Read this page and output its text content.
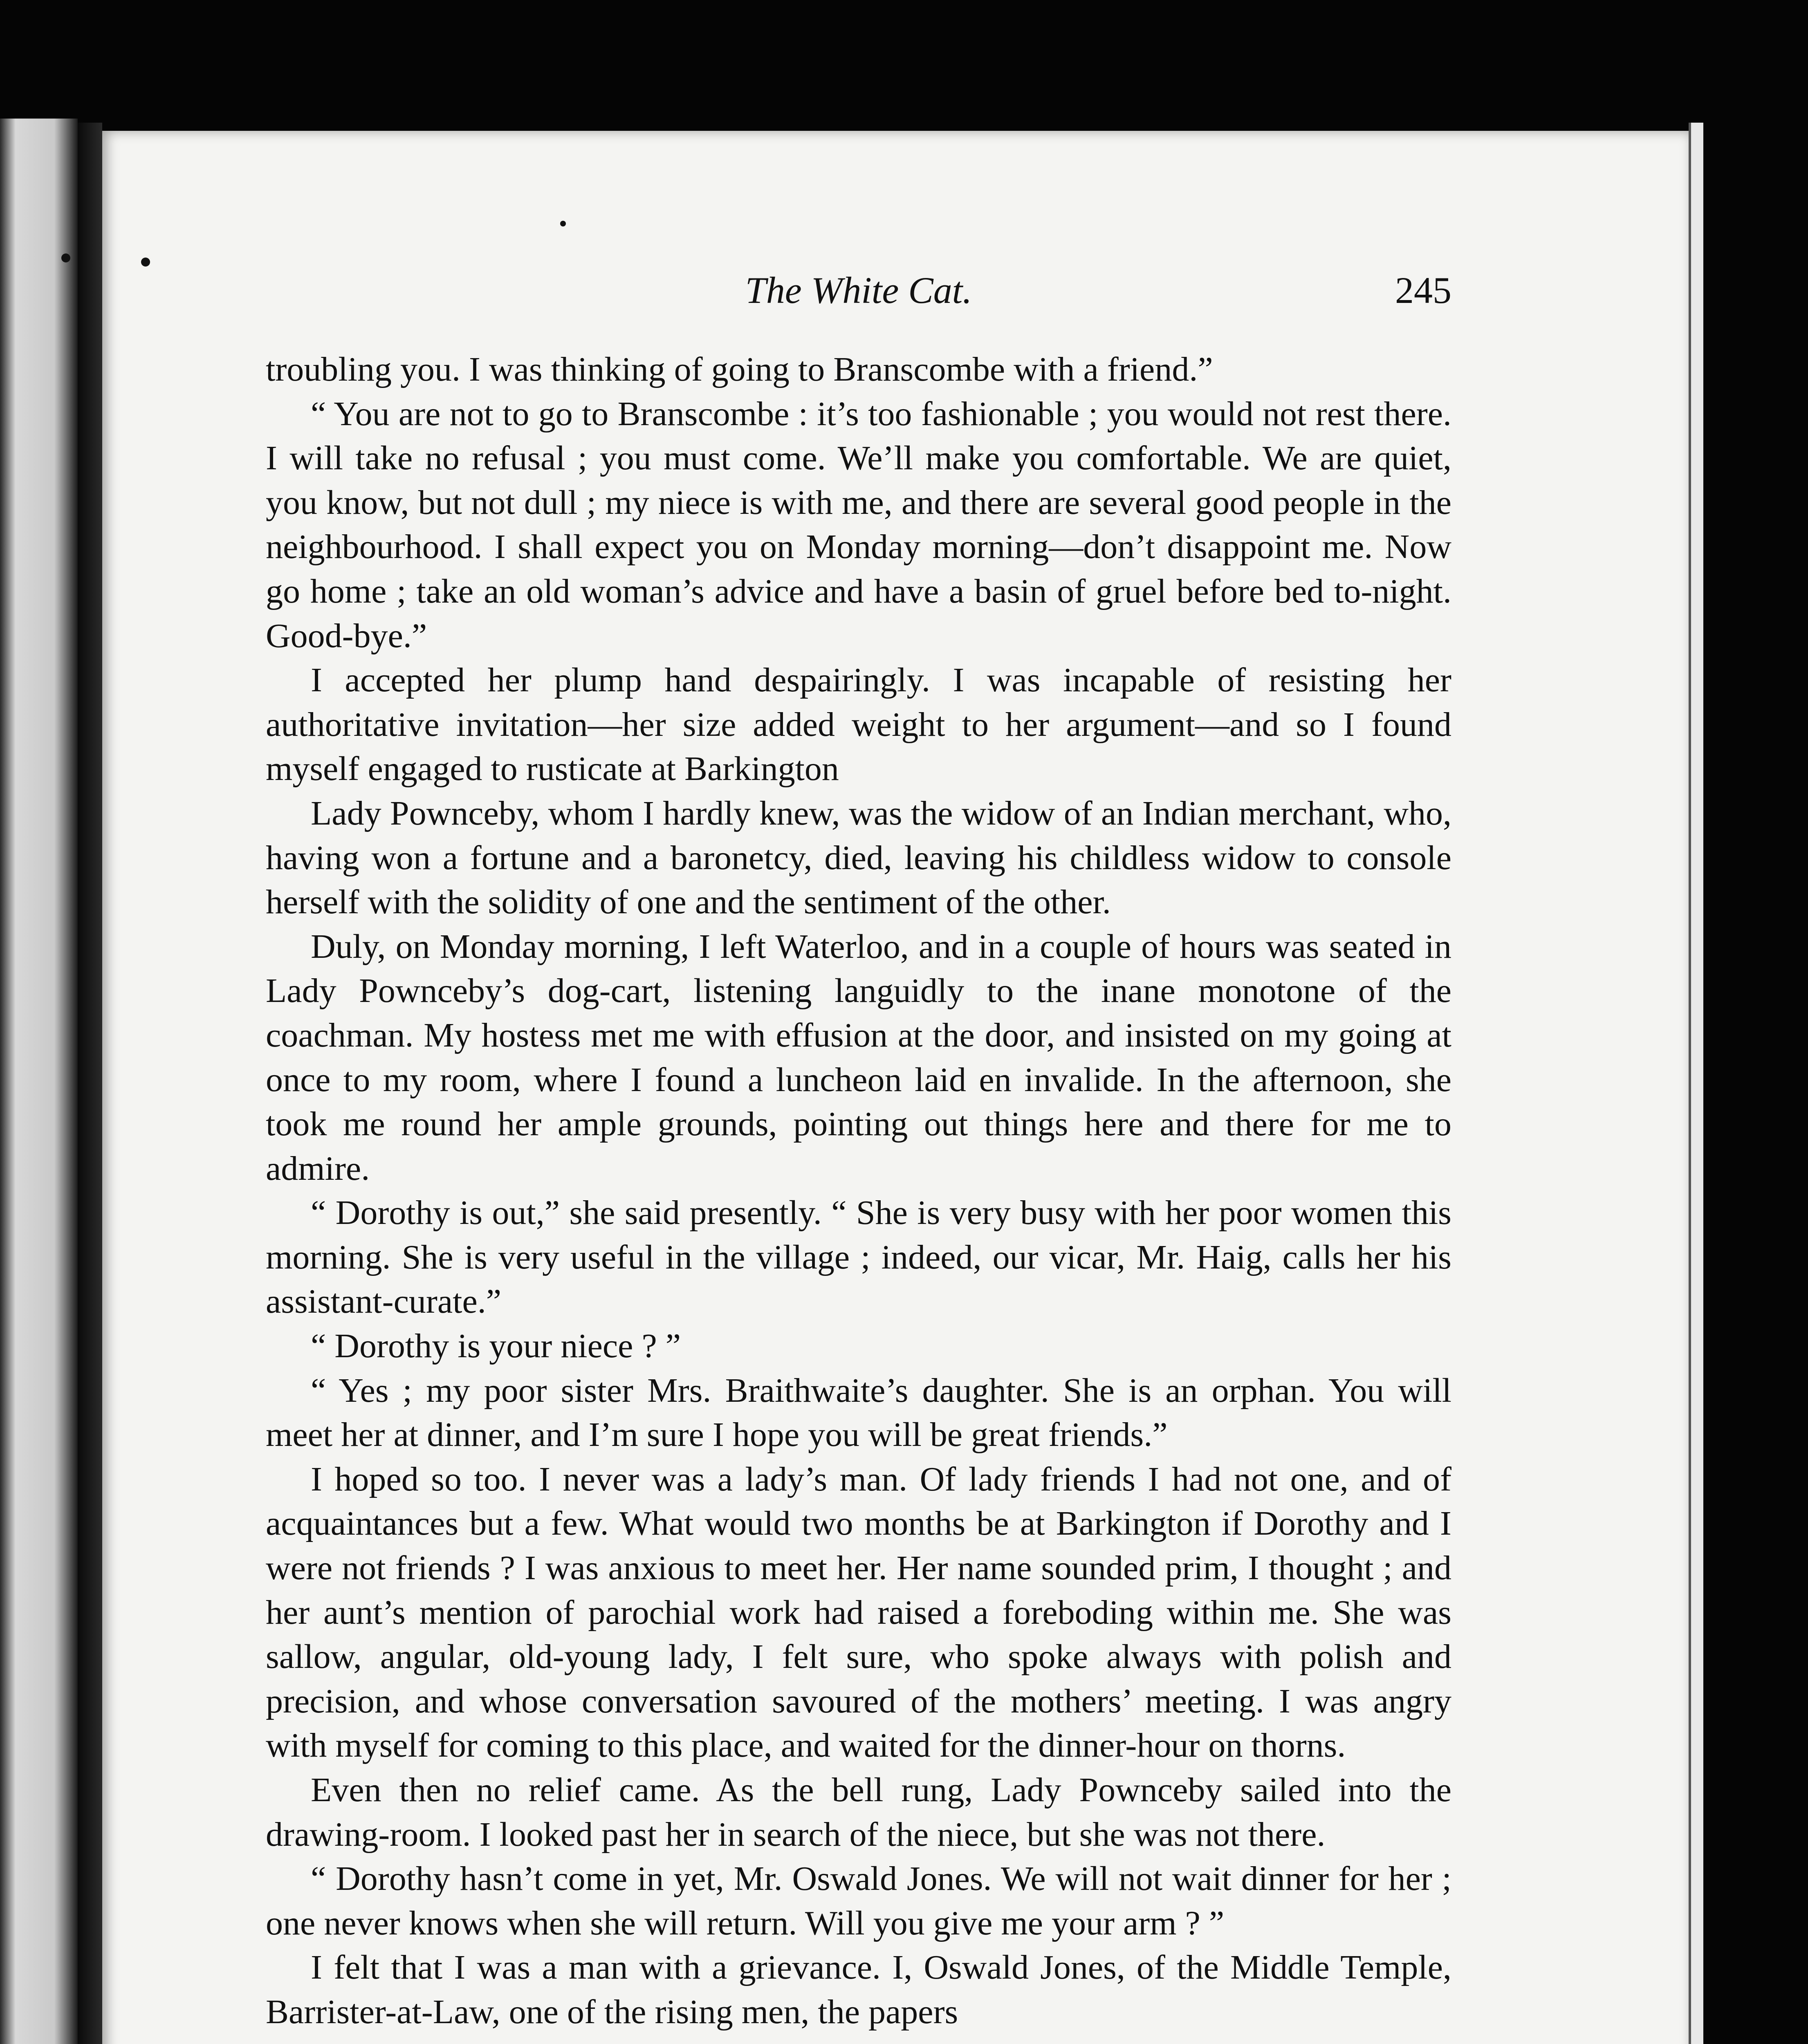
The White Cat.	245

troubling you. I was thinking of going to Branscombe with a friend.”

“ You are not to go to Branscombe : it’s too fashionable ; you would not rest there. I will take no refusal ; you must come. We’ll make you comfortable. We are quiet, you know, but not dull ; my niece is with me, and there are several good people in the neighbourhood. I shall expect you on Monday morning—don’t disappoint me. Now go home ; take an old woman’s advice and have a basin of gruel before bed to-night. Good-bye.”

I accepted her plump hand despairingly. I was incapable of resisting her authoritative invitation—her size added weight to her argument—and so I found myself engaged to rusticate at Barkington

Lady Pownceby, whom I hardly knew, was the widow of an Indian merchant, who, having won a fortune and a baronetcy, died, leaving his childless widow to console herself with the solidity of one and the sentiment of the other.

Duly, on Monday morning, I left Waterloo, and in a couple of hours was seated in Lady Pownceby’s dog-cart, listening languidly to the inane monotone of the coachman. My hostess met me with effusion at the door, and insisted on my going at once to my room, where I found a luncheon laid en invalide. In the afternoon, she took me round her ample grounds, pointing out things here and there for me to admire.

“ Dorothy is out,” she said presently. “ She is very busy with her poor women this morning. She is very useful in the village ; indeed, our vicar, Mr. Haig, calls her his assistant-curate.”

“ Dorothy is your niece ? ”

“ Yes ; my poor sister Mrs. Braithwaite’s daughter. She is an orphan. You will meet her at dinner, and I’m sure I hope you will be great friends.”

I hoped so too. I never was a lady’s man. Of lady friends I had not one, and of acquaintances but a few. What would two months be at Barkington if Dorothy and I were not friends ? I was anxious to meet her. Her name sounded prim, I thought ; and her aunt’s mention of parochial work had raised a foreboding within me. She was sallow, angular, old-young lady, I felt sure, who spoke always with polish and precision, and whose conversation savoured of the mothers’ meeting. I was angry with myself for coming to this place, and waited for the dinner-hour on thorns.

Even then no relief came. As the bell rung, Lady Pownceby sailed into the drawing-room. I looked past her in search of the niece, but she was not there.

“ Dorothy hasn’t come in yet, Mr. Oswald Jones. We will not wait dinner for her ; one never knows when she will return. Will you give me your arm ? ”

I felt that I was a man with a grievance. I, Oswald Jones, of the Middle Temple, Barrister-at-Law, one of the rising men, the papers
